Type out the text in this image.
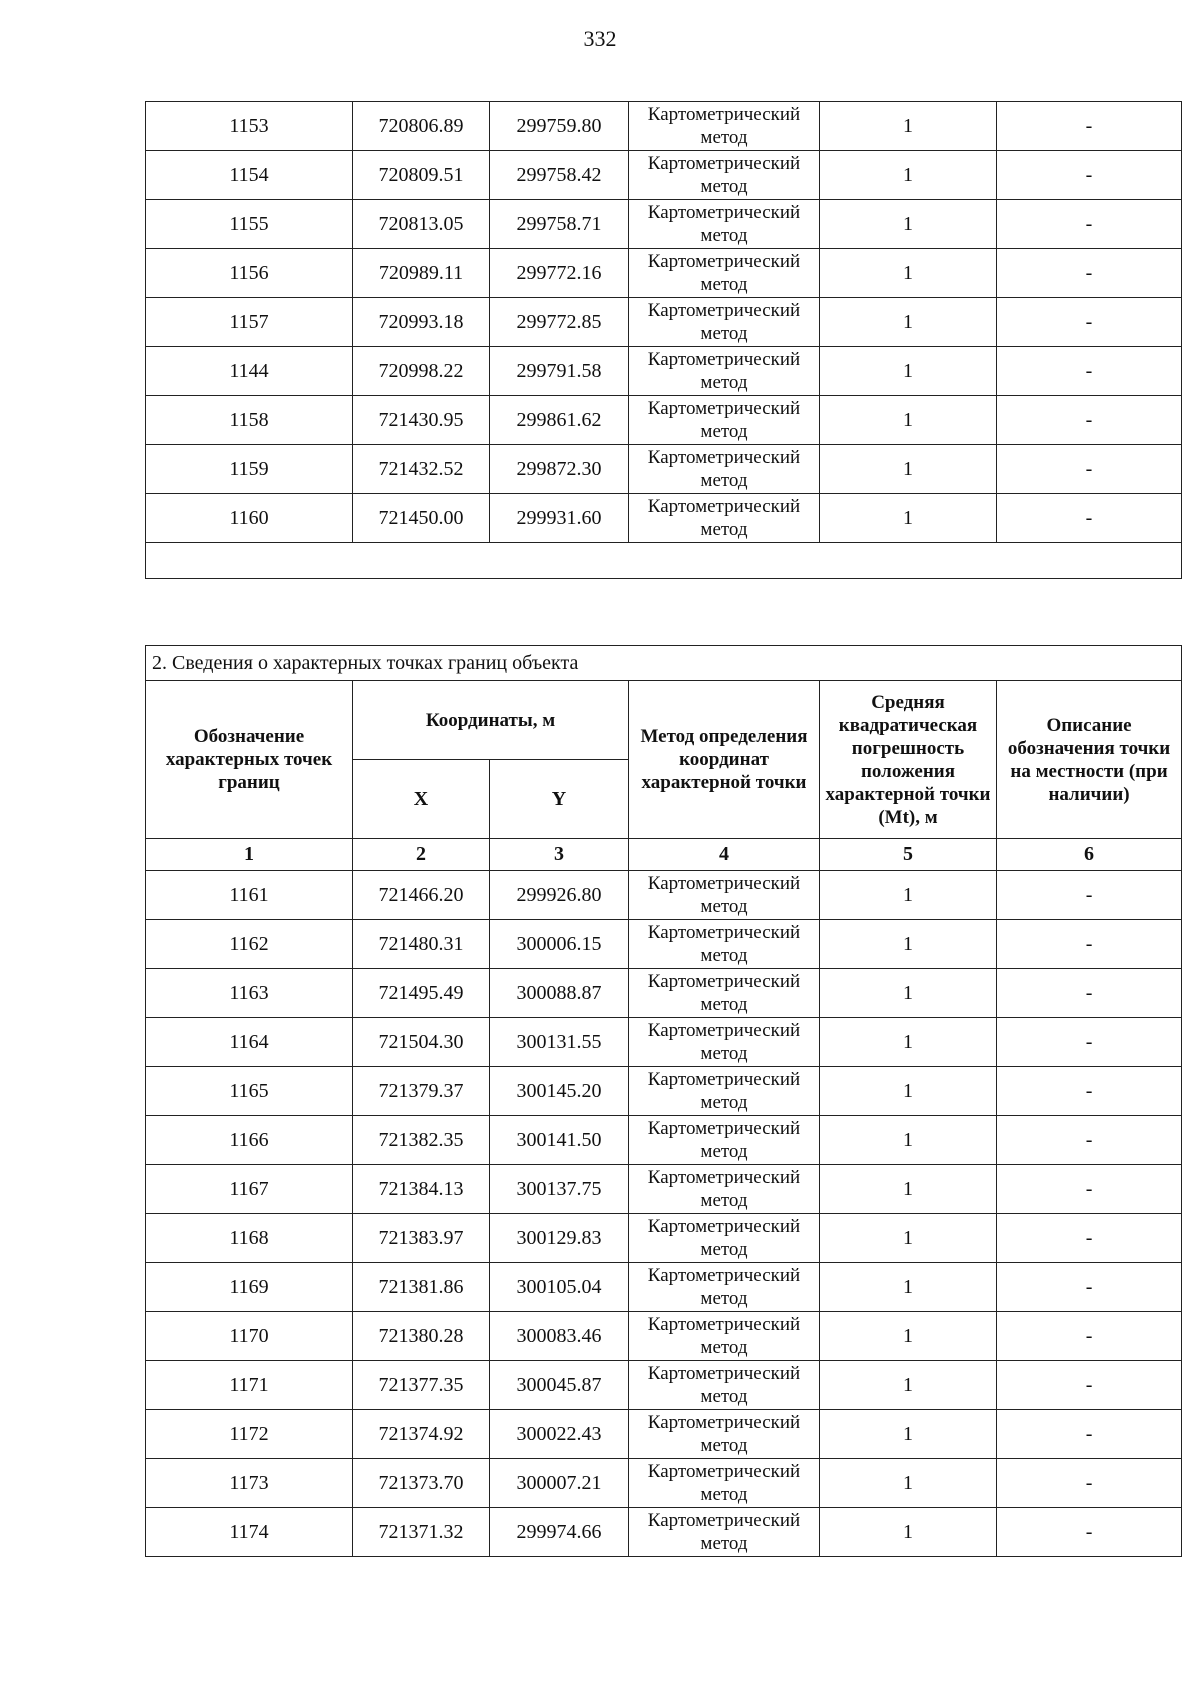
332
1153	720806.89	299759.80	Картометрический метод	1	-
1154	720809.51	299758.42	Картометрический метод	1	-
1155	720813.05	299758.71	Картометрический метод	1	-
1156	720989.11	299772.16	Картометрический метод	1	-
1157	720993.18	299772.85	Картометрический метод	1	-
1144	720998.22	299791.58	Картометрический метод	1	-
1158	721430.95	299861.62	Картометрический метод	1	-
1159	721432.52	299872.30	Картометрический метод	1	-
1160	721450.00	299931.60	Картометрический метод	1	-

2. Сведения о характерных точках границ объекта					
Обозначение характерных точек границ	Координаты, м		Метод определения координат характерной точки	Средняя квадратическая погрешность положения характерной точки (Mt), м	Описание обозначения точки на местности (при наличии)
	X	Y			
1	2	3	4	5	6
1161	721466.20	299926.80	Картометрический метод	1	-
1162	721480.31	300006.15	Картометрический метод	1	-
1163	721495.49	300088.87	Картометрический метод	1	-
1164	721504.30	300131.55	Картометрический метод	1	-
1165	721379.37	300145.20	Картометрический метод	1	-
1166	721382.35	300141.50	Картометрический метод	1	-
1167	721384.13	300137.75	Картометрический метод	1	-
1168	721383.97	300129.83	Картометрический метод	1	-
1169	721381.86	300105.04	Картометрический метод	1	-
1170	721380.28	300083.46	Картометрический метод	1	-
1171	721377.35	300045.87	Картометрический метод	1	-
1172	721374.92	300022.43	Картометрический метод	1	-
1173	721373.70	300007.21	Картометрический метод	1	-
1174	721371.32	299974.66	Картометрический метод	1	-
